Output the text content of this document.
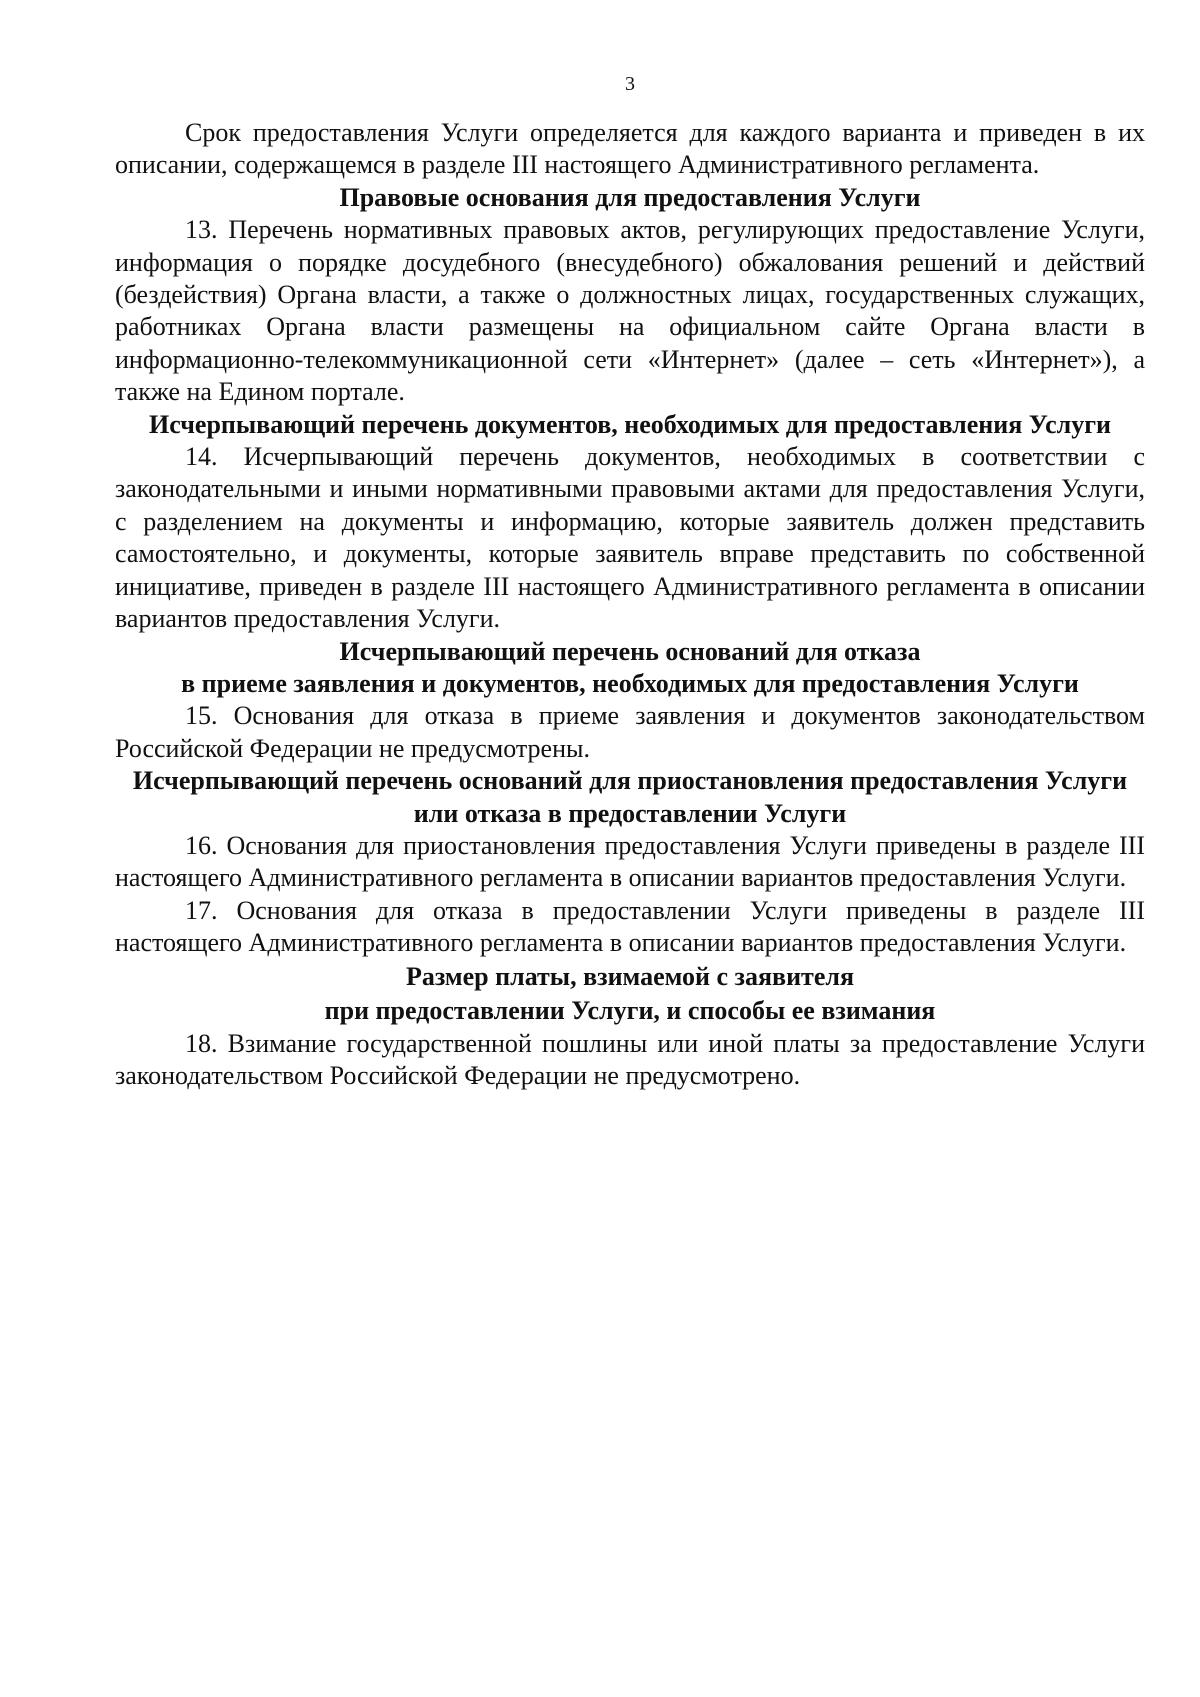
3

Срок предоставления Услуги определяется для каждого варианта и приведен в их описании, содержащемся в разделе III настоящего Административного регламента.

Правовые основания для предоставления Услуги

13. Перечень нормативных правовых актов, регулирующих предоставление Услуги, информация о порядке досудебного (внесудебного) обжалования решений и действий (бездействия) Органа власти, а также о должностных лицах, государственных служащих, работниках Органа власти размещены на официальном сайте Органа власти в информационно-телекоммуникационной сети «Интернет» (далее – сеть «Интернет»), а также на Едином портале.

Исчерпывающий перечень документов, необходимых для предоставления Услуги

14. Исчерпывающий перечень документов, необходимых в соответствии с законодательными и иными нормативными правовыми актами для предоставления Услуги, с разделением на документы и информацию, которые заявитель должен представить самостоятельно, и документы, которые заявитель вправе представить по собственной инициативе, приведен в разделе III настоящего Административного регламента в описании вариантов предоставления Услуги.

Исчерпывающий перечень оснований для отказа
в приеме заявления и документов, необходимых для предоставления Услуги

15. Основания для отказа в приеме заявления и документов законодательством Российской Федерации не предусмотрены.

Исчерпывающий перечень оснований для приостановления предоставления Услуги или отказа в предоставлении Услуги

16. Основания для приостановления предоставления Услуги приведены в разделе III настоящего Административного регламента в описании вариантов предоставления Услуги.

17. Основания для отказа в предоставлении Услуги приведены в разделе III настоящего Административного регламента в описании вариантов предоставления Услуги.

Размер платы, взимаемой с заявителя
при предоставлении Услуги, и способы ее взимания

18. Взимание государственной пошлины или иной платы за предоставление Услуги законодательством Российской Федерации не предусмотрено.
